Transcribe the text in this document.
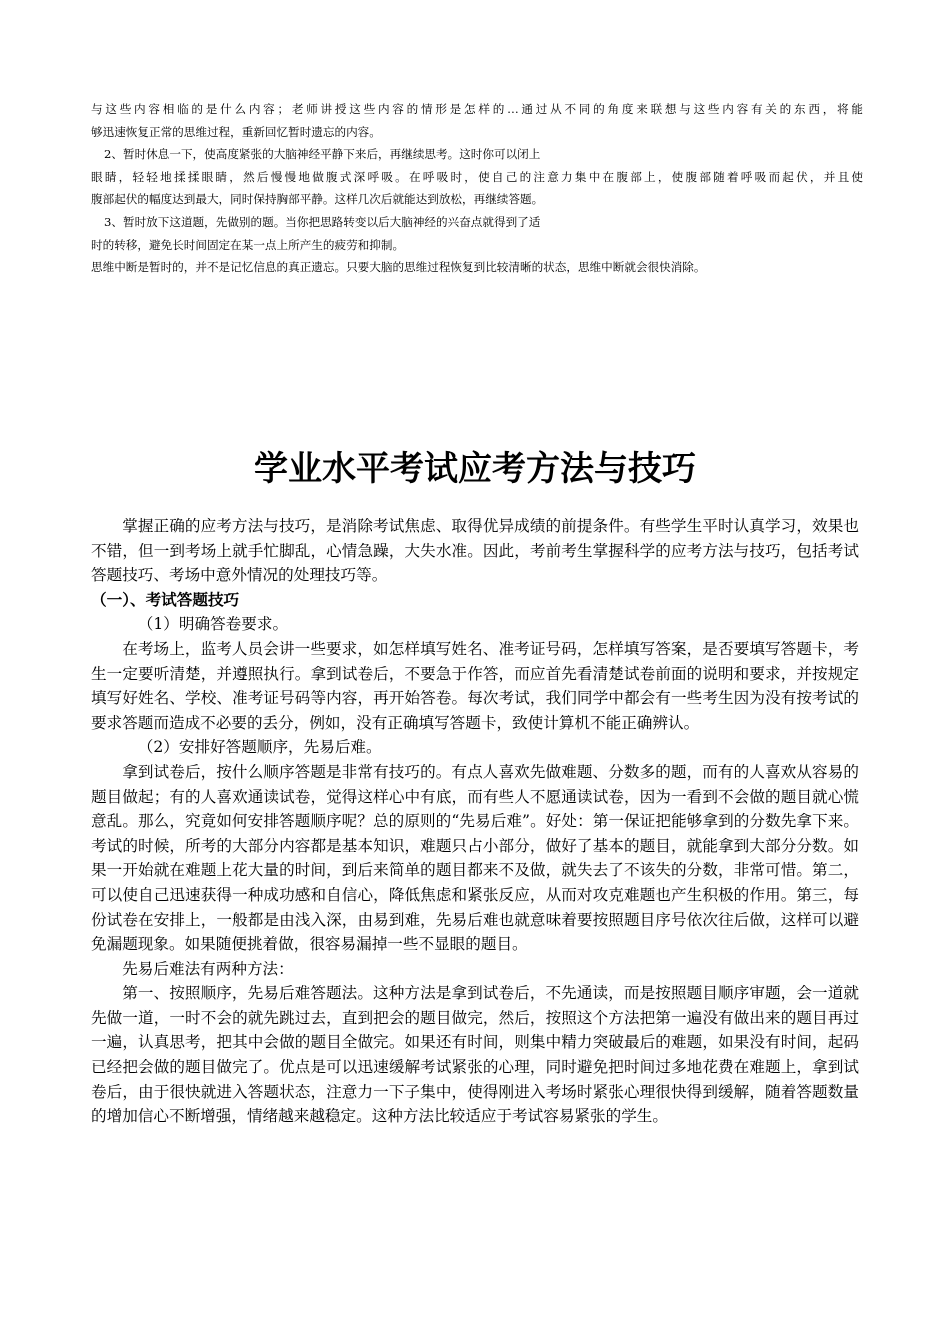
与这些内容相临的是什么内容；老师讲授这些内容的情形是怎样的…通过从不同的角度来联想与这些内容有关的东西，将能

够迅速恢复正常的思维过程，重新回忆暂时遗忘的内容。

2、暂时休息一下，使高度紧张的大脑神经平静下来后，再继续思考。这时你可以闭上

眼睛，轻轻地揉揉眼睛，然后慢慢地做腹式深呼吸。在呼吸时，使自己的注意力集中在腹部上，使腹部随着呼吸而起伏，并且使

腹部起伏的幅度达到最大，同时保持胸部平静。这样几次后就能达到放松，再继续答题。

3、暂时放下这道题，先做别的题。当你把思路转变以后大脑神经的兴奋点就得到了适

时的转移，避免长时间固定在某一点上所产生的疲劳和抑制。

思维中断是暂时的，并不是记忆信息的真正遗忘。只要大脑的思维过程恢复到比较清晰的状态，思维中断就会很快消除。

学业水平考试应考方法与技巧

掌握正确的应考方法与技巧，是消除考试焦虑、取得优异成绩的前提条件。有些学生平时认真学习，效果也不错，但一到考场上就手忙脚乱，心情急躁，大失水准。因此，考前考生掌握科学的应考方法与技巧，包括考试答题技巧、考场中意外情况的处理技巧等。

（一）、考试答题技巧

（1）明确答卷要求。

在考场上，监考人员会讲一些要求，如怎样填写姓名、准考证号码，怎样填写答案，是否要填写答题卡，考生一定要听清楚，并遵照执行。拿到试卷后，不要急于作答，而应首先看清楚试卷前面的说明和要求，并按规定填写好姓名、学校、准考证号码等内容，再开始答卷。每次考试，我们同学中都会有一些考生因为没有按考试的要求答题而造成不必要的丢分，例如，没有正确填写答题卡，致使计算机不能正确辨认。

（2）安排好答题顺序，先易后难。

拿到试卷后，按什么顺序答题是非常有技巧的。有点人喜欢先做难题、分数多的题，而有的人喜欢从容易的题目做起；有的人喜欢通读试卷，觉得这样心中有底，而有些人不愿通读试卷，因为一看到不会做的题目就心慌意乱。那么，究竟如何安排答题顺序呢？总的原则的“先易后难”。好处：第一保证把能够拿到的分数先拿下来。考试的时候，所考的大部分内容都是基本知识，难题只占小部分，做好了基本的题目，就能拿到大部分分数。如果一开始就在难题上花大量的时间，到后来简单的题目都来不及做，就失去了不该失的分数，非常可惜。第二，可以使自己迅速获得一种成功感和自信心，降低焦虑和紧张反应，从而对攻克难题也产生积极的作用。第三，每份试卷在安排上，一般都是由浅入深，由易到难，先易后难也就意味着要按照题目序号依次往后做，这样可以避免漏题现象。如果随便挑着做，很容易漏掉一些不显眼的题目。

先易后难法有两种方法：

第一、按照顺序，先易后难答题法。这种方法是拿到试卷后，不先通读，而是按照题目顺序审题，会一道就先做一道，一时不会的就先跳过去，直到把会的题目做完，然后，按照这个方法把第一遍没有做出来的题目再过一遍，认真思考，把其中会做的题目全做完。如果还有时间，则集中精力突破最后的难题，如果没有时间，起码已经把会做的题目做完了。优点是可以迅速缓解考试紧张的心理，同时避免把时间过多地花费在难题上，拿到试卷后，由于很快就进入答题状态，注意力一下子集中，使得刚进入考场时紧张心理很快得到缓解，随着答题数量的增加信心不断增强，情绪越来越稳定。这种方法比较适应于考试容易紧张的学生。
